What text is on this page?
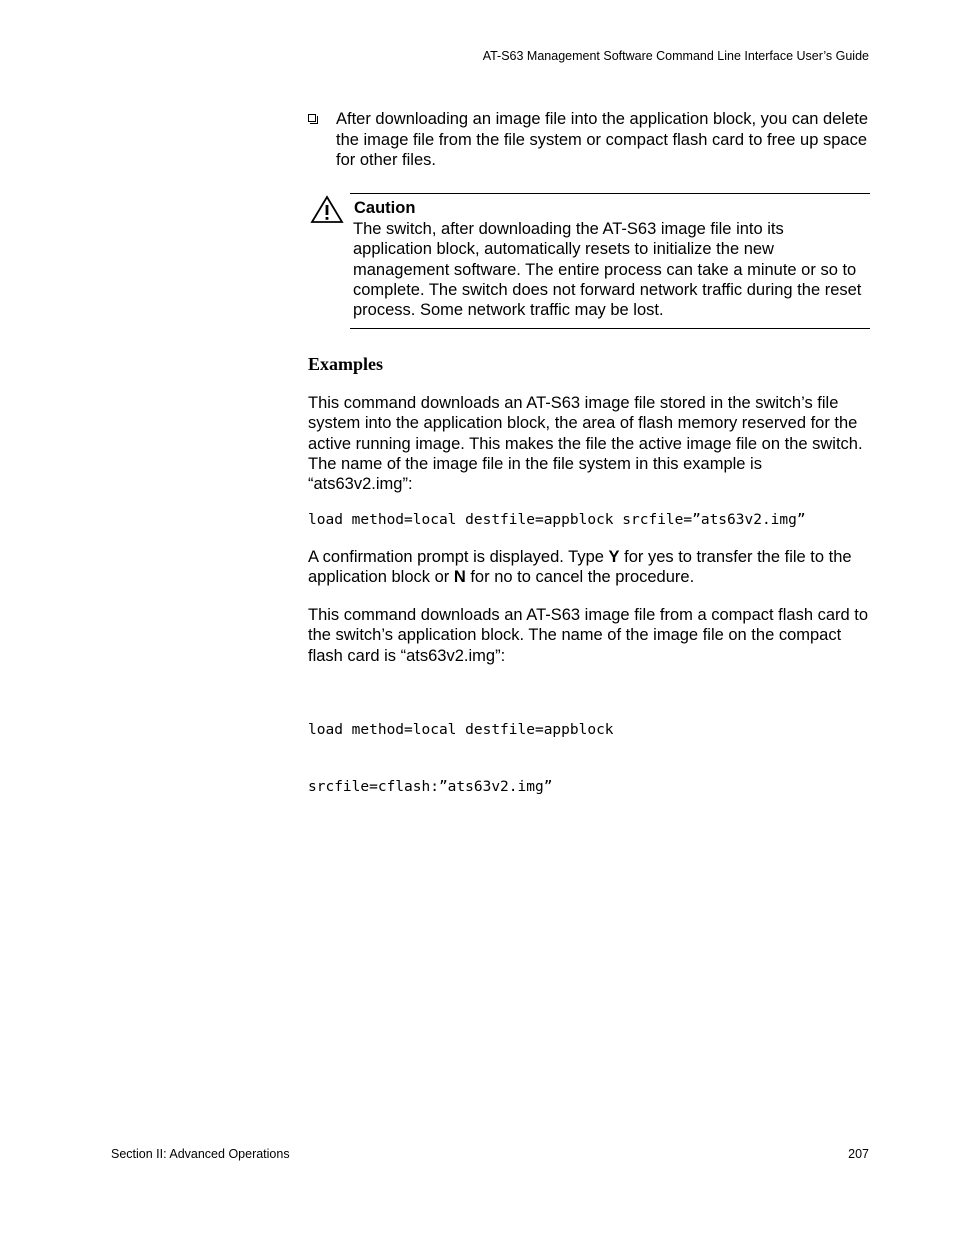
AT-S63 Management Software Command Line Interface User’s Guide
After downloading an image file into the application block, you can delete the image file from the file system or compact flash card to free up space for other files.
Caution
The switch, after downloading the AT-S63 image file into its application block, automatically resets to initialize the new management software. The entire process can take a minute or so to complete. The switch does not forward network traffic during the reset process. Some network traffic may be lost.
Examples
This command downloads an AT-S63 image file stored in the switch’s file system into the application block, the area of flash memory reserved for the active running image. This makes the file the active image file on the switch. The name of the image file in the file system in this example is “ats63v2.img”:
load method=local destfile=appblock srcfile=”ats63v2.img”
A confirmation prompt is displayed. Type Y for yes to transfer the file to the application block or N for no to cancel the procedure.
This command downloads an AT-S63 image file from a compact flash card to the switch’s application block. The name of the image file on the compact flash card is “ats63v2.img”:

load method=local destfile=appblock

srcfile=cflash:”ats63v2.img”

Section II: Advanced Operations	207
